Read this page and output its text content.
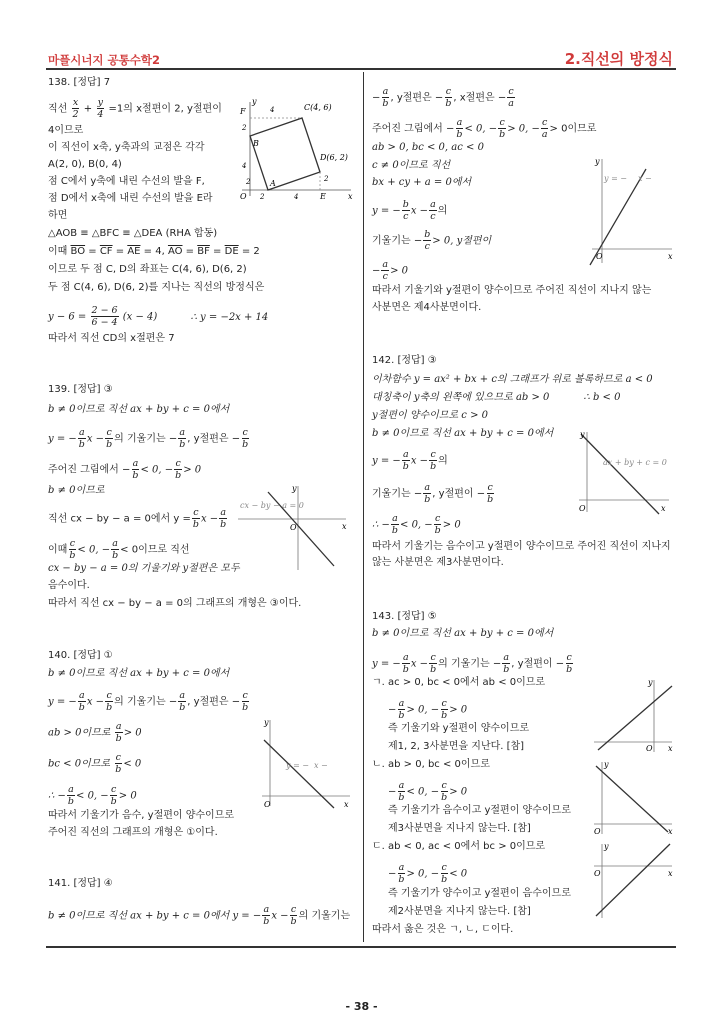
마플시너지 공통수학2	2.직선의 방정식
- 38 -
138. [정답] 7
직선 $\frac{x}{2} + \frac{y}{4} =1$의 x절편이 2, y절편이
4이므로
이 직선이 x축, y축과의 교점은 각각
A(2, 0), B(0, 4)
점 C에서 y축에 내린 수선의 발을 F,
점 D에서 x축에 내린 수선의 발을 E라
하면
△AOB ≡ △BFC ≡ △DEA (RHA 합동)
이때 $\overline{BO} = \overline{CF} = \overline{AE} = 4$, $\overline{AO} = \overline{BF} = \overline{DE} = 2$
이므로 두 점 C, D의 좌표는 C(4, 6), D(6, 2)
두 점 C(4, 6), D(6, 2)를 지나는 직선의 방정식은
$y - 6 = \frac{2 - 6}{6 - 4} (x - 4)$	∴ y = −2x + 14
따라서 직선 CD의 x절편은 7
C(4, 6)
D(6, 2)
F
B
A
E
O	x
y
4
2
4
2	4
2
2
139. [정답] ③
b ≠ 0이므로 직선 ax + by + c = 0에서
y = − $\frac{a}{b}$ $x - \frac{c}{b}$ 의 기울기는 − $\frac{a}{b}$ , y절편은 − $\frac{c}{b}$
주어진 그림에서 − $\frac{a}{b} < 0$, − $\frac{c}{b} > 0$
b ≠ 0이므로
직선 cx − by − a = 0에서 $y = \frac{c}{b}$ $x - \frac{a}{b}$
이때 $\frac{c}{b} < 0$, − $\frac{a}{b} < 0$이므로 직선
cx − by − a = 0의 기울기와 y절편은 모두
음수이다.
따라서 직선 cx − by − a = 0의 그래프의 개형은 ③이다.
cx − by − a = 0
O	x
y
140. [정답] ①
b ≠ 0이므로 직선 ax + by + c = 0에서
y = − $\frac{a}{b}$ $x - \frac{c}{b}$ 의 기울기는 − $\frac{a}{b}$ , y절편은 − $\frac{c}{b}$
ab > 0이므로 $\frac{a}{b} > 0$
bc < 0이므로 $\frac{c}{b} < 0$
∴ − $\frac{a}{b} < 0$, − $\frac{c}{b} > 0$
따라서 기울기가 음수, y절편이 양수이므로
주어진 직선의 그래프의 개형은 ①이다.
y = − x −
O	x
y
141. [정답] ④
b ≠ 0이므로 직선 ax + by + c = 0에서 y = − $\frac{a}{b}$ $x - \frac{c}{b}$ 의 기울기는
− $\frac{a}{b}$ , y절편은 − $\frac{c}{b}$ , x절편은 − $\frac{c}{a}$
주어진 그림에서 − $\frac{a}{b} < 0$, − $\frac{c}{b} > 0$, − $\frac{c}{a} > 0$이므로
ab > 0, bc < 0, ac < 0
c ≠ 0이므로 직선
bx + cy + a = 0에서
y = − $\frac{b}{c}$ $x - \frac{a}{c}$ 의
기울기는 − $\frac{b}{c} > 0$, y절편이
− $\frac{a}{c} > 0$
따라서 기울기와 y절편이 양수이므로 주어진 직선이 지나지 않는
사분면은 제4사분면이다.
y = − x −
O	x
y
142. [정답] ③
이차함수 y = ax² + bx + c의 그래프가 위로 볼록하므로 a < 0
대칭축이 y축의 왼쪽에 있으므로 ab > 0	∴ b < 0
y절편이 양수이므로 c > 0
b ≠ 0이므로 직선 ax + by + c = 0에서
y = − $\frac{a}{b}$ $x - \frac{c}{b}$ 의
기울기는 − $\frac{a}{b}$ , y절편이 − $\frac{c}{b}$
∴ − $\frac{a}{b} < 0$, − $\frac{c}{b} > 0$
따라서 기울기는 음수이고 y절편이 양수이므로 주어진 직선이 지나지
않는 사분면은 제3사분면이다.
ax + by + c = 0
O	x
y
143. [정답] ⑤
b ≠ 0이므로 직선 ax + by + c = 0에서
y = − $\frac{a}{b}$ $x - \frac{c}{b}$ 의 기울기는 − $\frac{a}{b}$ , y절편이 − $\frac{c}{b}$
ㄱ. ac > 0, bc < 0에서 ab < 0이므로
− $\frac{a}{b} > 0$, − $\frac{c}{b} > 0$
즉 기울기와 y절편이 양수이므로
제1, 2, 3사분면을 지난다. [참]
ㄴ. ab > 0, bc < 0이므로
− $\frac{a}{b} < 0$, − $\frac{c}{b} > 0$
즉 기울기가 음수이고 y절편이 양수이므로
제3사분면을 지나지 않는다. [참]
ㄷ. ab < 0, ac < 0에서 bc > 0이므로
− $\frac{a}{b} > 0$, − $\frac{c}{b} < 0$
즉 기울기가 양수이고 y절편이 음수이므로
제2사분면을 지나지 않는다. [참]
따라서 옳은 것은 ㄱ, ㄴ, ㄷ이다.
O x
y
O	x
y
O	x
y
